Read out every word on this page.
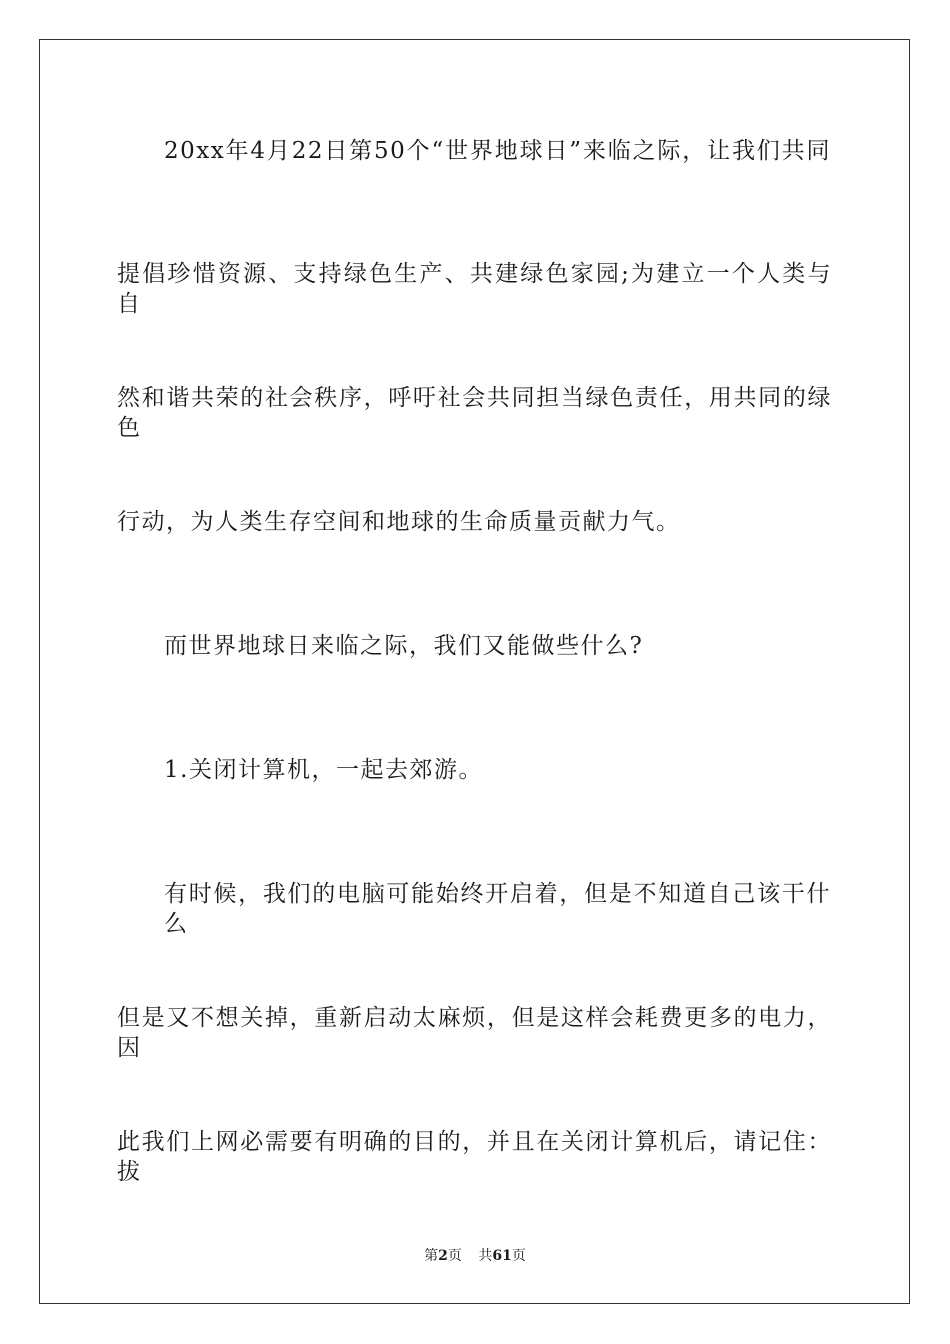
20xx年4月22日第50个“世界地球日”来临之际，让我们共同
提倡珍惜资源、支持绿色生产、共建绿色家园;为建立一个人类与自
然和谐共荣的社会秩序，呼吁社会共同担当绿色责任，用共同的绿色
行动，为人类生存空间和地球的生命质量贡献力气。
而世界地球日来临之际，我们又能做些什么?
1.关闭计算机，一起去郊游。
有时候，我们的电脑可能始终开启着，但是不知道自己该干什么
但是又不想关掉，重新启动太麻烦，但是这样会耗费更多的电力，因
此我们上网必需要有明确的目的，并且在关闭计算机后，请记住：拔
第2页 共61页
